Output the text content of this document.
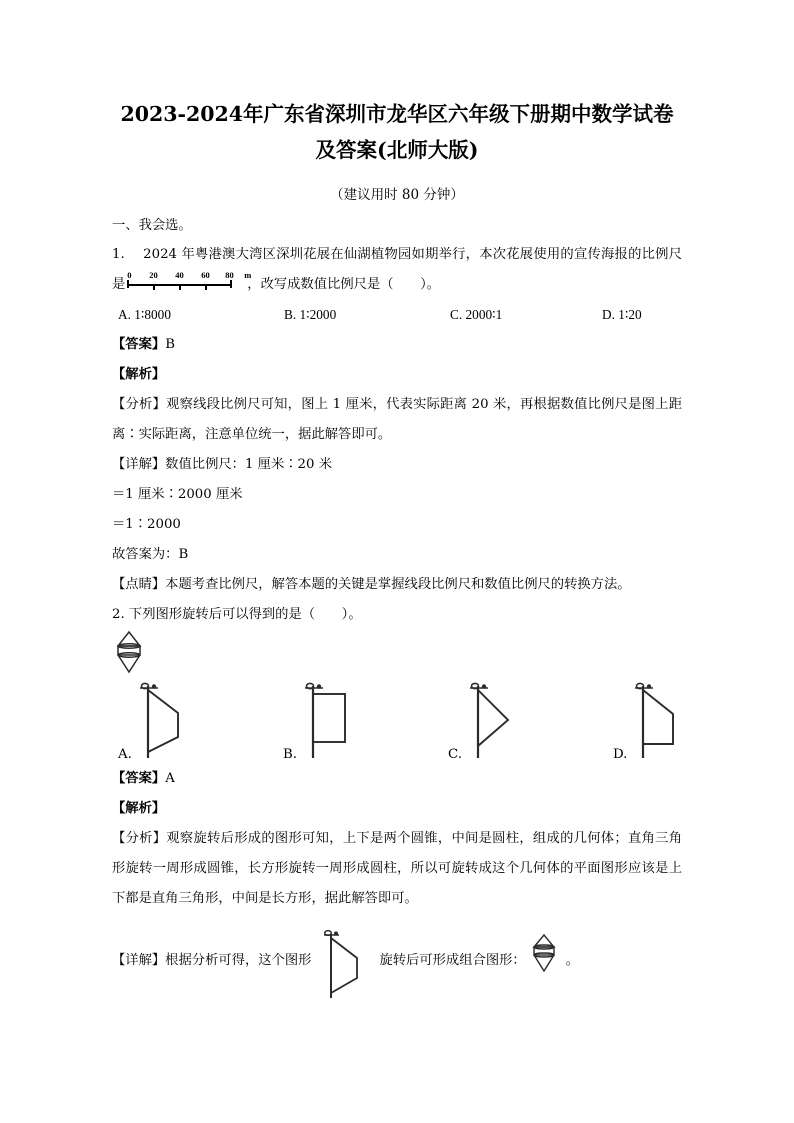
2023-2024年广东省深圳市龙华区六年级下册期中数学试卷
及答案(北师大版)
（建议用时 80 分钟）
一、我会选。
1. 2024 年粤港澳大湾区深圳花展在仙湖植物园如期举行，本次花展使用的宣传海报的比例尺是
0 20 40 60 80 m
，改写成数值比例尺是（　　）。
A. 1∶8000	B. 1∶2000	C. 2000∶1	D. 1∶20
【答案】B
【解析】
【分析】观察线段比例尺可知，图上 1 厘米，代表实际距离 20 米，再根据数值比例尺是图上距离∶实际距离，注意单位统一，据此解答即可。
【详解】数值比例尺：1 厘米∶20 米
＝1 厘米∶2000 厘米
＝1∶2000
故答案为：B
【点睛】本题考查比例尺，解答本题的关键是掌握线段比例尺和数值比例尺的转换方法。
2. 下列图形旋转后可以得到的是（　　）。
A.	B.	C.	D.
【答案】A
【解析】
【分析】观察旋转后形成的图形可知，上下是两个圆锥，中间是圆柱，组成的几何体；直角三角形旋转一周形成圆锥，长方形旋转一周形成圆柱，所以可旋转成这个几何体的平面图形应该是上下都是直角三角形，中间是长方形，据此解答即可。
【详解】根据分析可得，这个图形	旋转后可形成组合图形：	。
